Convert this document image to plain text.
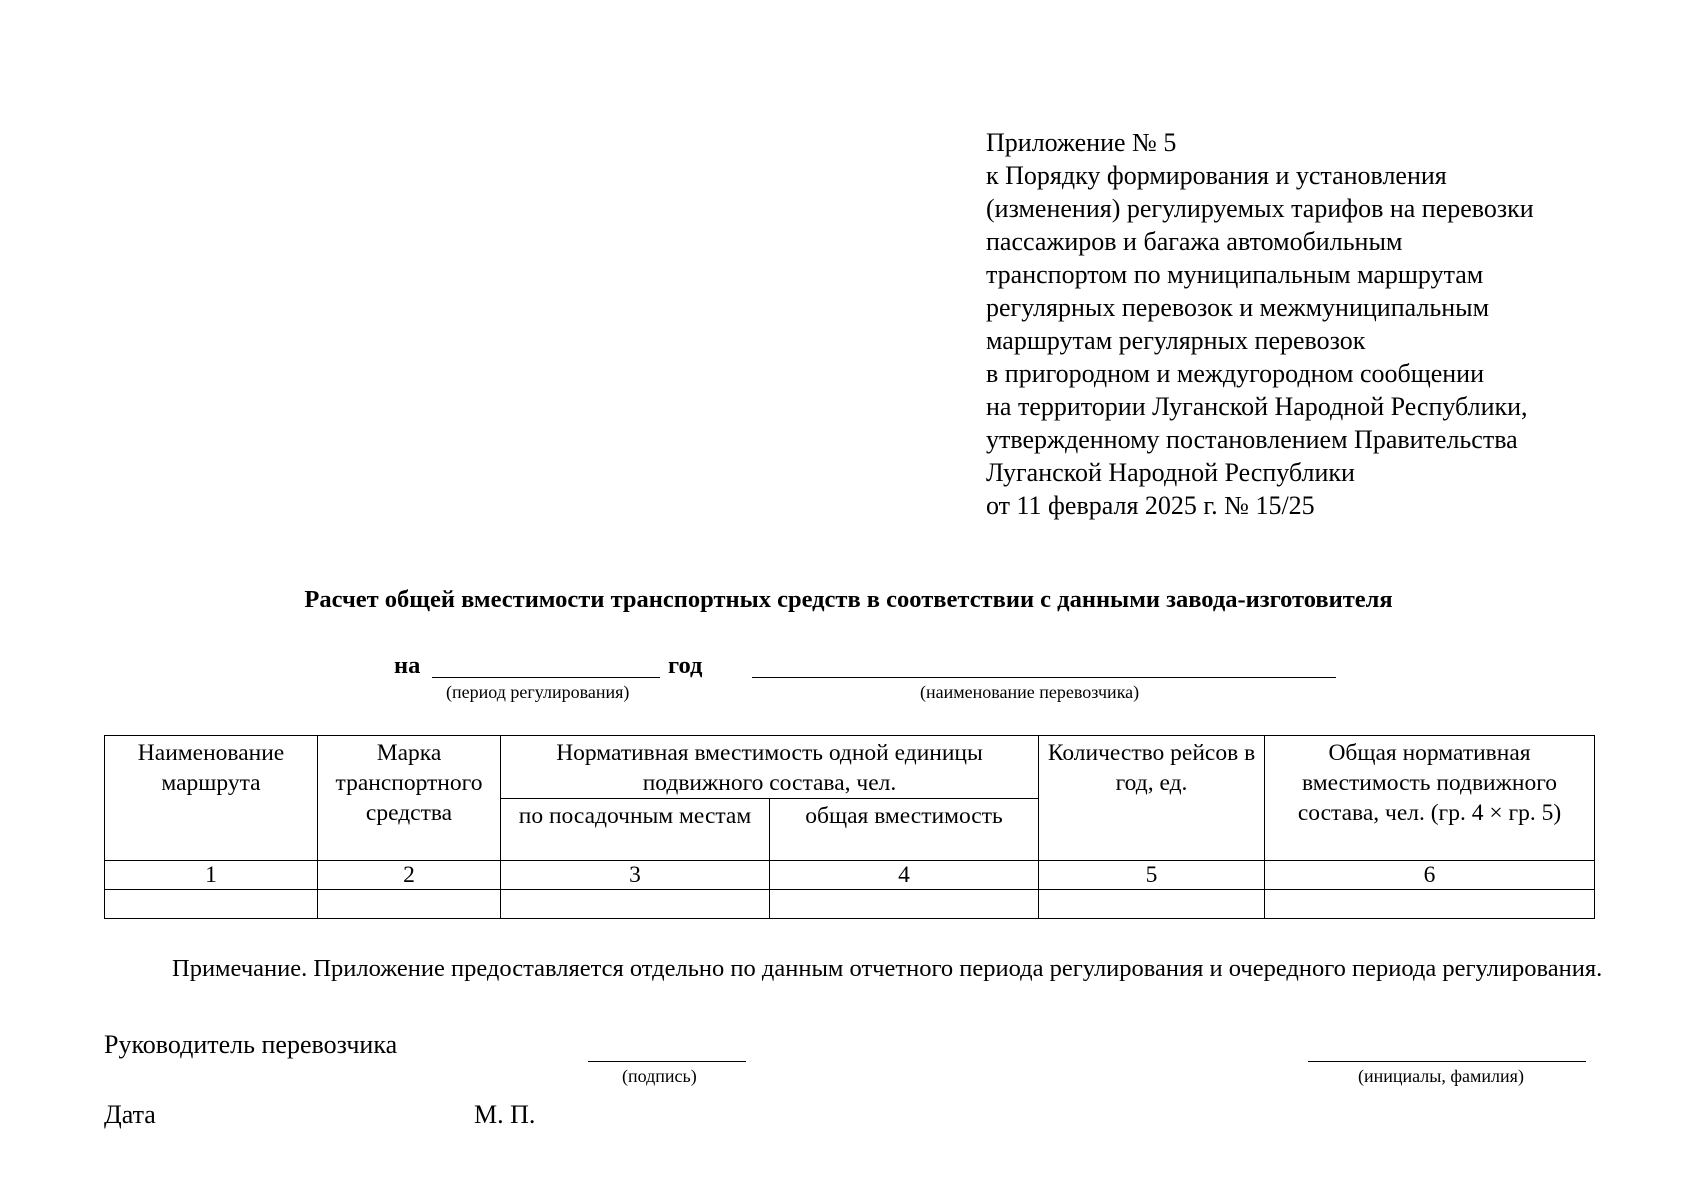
Приложение № 5
к Порядку формирования и установления
(изменения) регулируемых тарифов на перевозки
пассажиров и багажа автомобильным
транспортом по муниципальным маршрутам
регулярных перевозок и межмуниципальным
маршрутам регулярных перевозок
в пригородном и междугородном сообщении
на территории Луганской Народной Республики,
утвержденному постановлением Правительства
Луганской Народной Республики
от 11 февраля 2025 г. № 15/25
Расчет общей вместимости транспортных средств в соответствии с данными завода-изготовителя
на	год
(период регулирования)	(наименование перевозчика)
Наименование маршрута	Марка транспортного средства	Нормативная вместимость одной единицы подвижного состава, чел.		Количество рейсов в год, ед.	Общая нормативная вместимость подвижного состава, чел. (гр. 4 × гр. 5)
		по посадочным местам	общая вместимость		
1	2	3	4	5	6

Примечание. Приложение предоставляется отдельно по данным отчетного периода регулирования и очередного периода регулирования.
Руководитель перевозчика
(подпись)	(инициалы, фамилия)
Дата	М. П.
